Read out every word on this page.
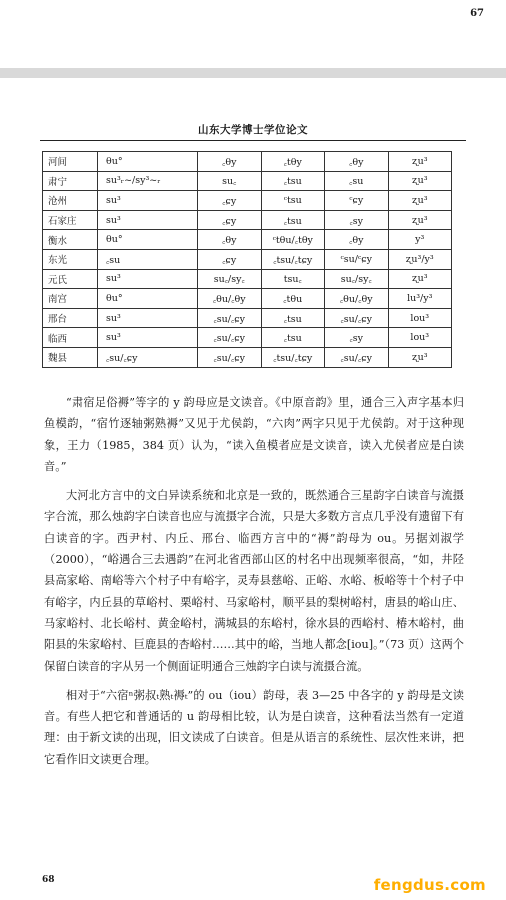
67
山东大学博士学位论文
河间	θu°	꜀θy	꜀tθy	꜀θy	ʐu³
肃宁	su³ᵣ~/sy³~ᵣ	su꜀	꜀tsu	꜀su	ʐu³
沧州	su³	꜀ɕy	ᶜtsu	ᶜɕy	ʐu³
石家庄	su³	꜀ɕy	꜀tsu	꜀sy	ʐu³
衡水	θu°	꜀θy	ᶜtθu/꜀tθy	꜀θy	y³
东光	꜀su	꜀ɕy	꜀tsu/꜀tɕy	ᶜsu/ᶜɕy	ʐu³/y³
元氏	su³	su꜀/sy꜀	tsu꜀	su꜀/sy꜀	ʐu³
南宫	θu°	꜀θu/꜀θy	꜀tθu	꜀θu/꜀θy	lu³/y³
邢台	su³	꜀su/꜀ɕy	꜀tsu	꜀su/꜀ɕy	lou³
临西	su³	꜀su/꜀ɕy	꜀tsu	꜀sy	lou³
魏县	꜀su/꜀ɕy	꜀su/꜀ɕy	꜀tsu/꜀tɕy	꜀su/꜀ɕy	ʐu³

“肃宿足俗褥”等字的 y 韵母应是文读音。《中原音韵》里，通合三入声字基本归鱼模韵，“宿竹逐轴粥熟褥”又见于尤侯韵，“六肉”两字只见于尤侯韵。对于这种现象，王力（1985，384 页）认为，“读入鱼模者应是文读音，读入尤侯者应是白读音。”

大河北方言中的文白异读系统和北京是一致的，既然通合三星韵字白读音与流摄字合流，那么烛韵字白读音也应与流摄字合流，只是大多数方言点几乎没有遗留下有白读音的字。西尹村、内丘、邢台、临西方言中的“褥”韵母为 ou。另据刘淑学（2000），“峪遇合三去遇韵”在河北省西部山区的村名中出现频率很高，“如，井陉县高家峪、南峪等六个村子中有峪字，灵寿县慈峪、正峪、水峪、板峪等十个村子中有峪字，内丘县的草峪村、栗峪村、马家峪村，顺平县的梨树峪村，唐县的峪山庄、马家峪村、北长峪村、黄金峪村，满城县的东峪村，徐水县的西峪村、椿木峪村，曲阳县的朱家峪村、巨鹿县的杏峪村……其中的峪，当地人都念[iou]。”（73 页）这两个保留白读音的字从另一个侧面证明通合三烛韵字白读与流摄合流。

相对于“六宿ⁿ粥叔ₜ熟ₜ褥ₜ”的 ou（iou）韵母，表 3—25 中各字的 y 韵母是文读音。有些人把它和普通话的 u 韵母相比较，认为是白读音，这种看法当然有一定道理：由于新文读的出现，旧文读成了白读音。但是从语言的系统性、层次性来讲，把它看作旧文读更合理。

68	fengdus.com
